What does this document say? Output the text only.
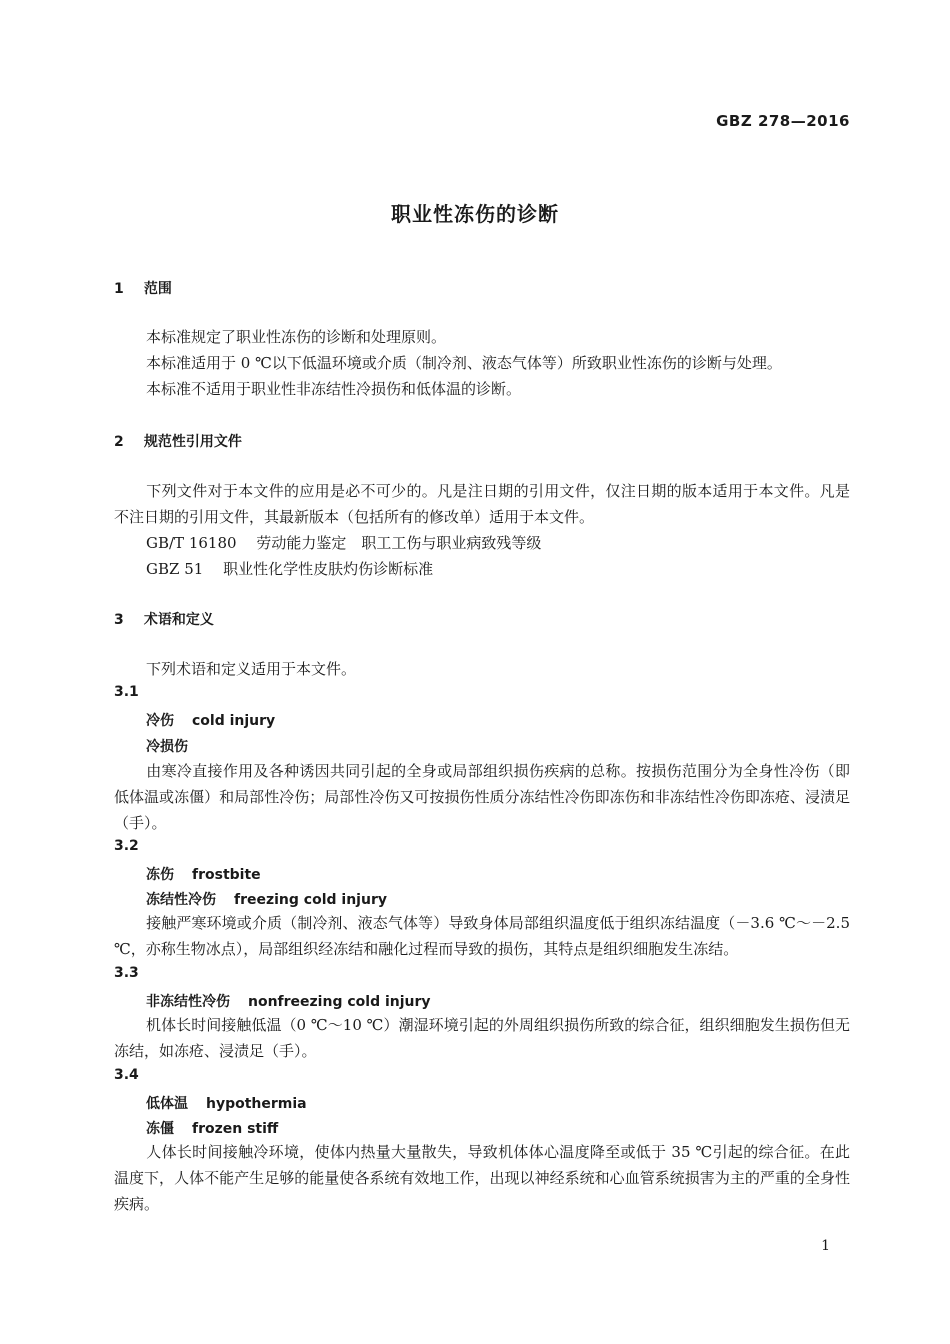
GBZ 278—2016
职业性冻伤的诊断
1 范围
本标准规定了职业性冻伤的诊断和处理原则。
本标准适用于 0 ℃以下低温环境或介质（制冷剂、液态气体等）所致职业性冻伤的诊断与处理。
本标准不适用于职业性非冻结性冷损伤和低体温的诊断。
2 规范性引用文件
下列文件对于本文件的应用是必不可少的。凡是注日期的引用文件，仅注日期的版本适用于本文件。凡是不注日期的引用文件，其最新版本（包括所有的修改单）适用于本文件。
GB/T 16180　 劳动能力鉴定　职工工伤与职业病致残等级
GBZ 51　 职业性化学性皮肤灼伤诊断标准
3 术语和定义
下列术语和定义适用于本文件。
3.1
冷伤 cold injury
冷损伤
由寒冷直接作用及各种诱因共同引起的全身或局部组织损伤疾病的总称。按损伤范围分为全身性冷伤（即低体温或冻僵）和局部性冷伤；局部性冷伤又可按损伤性质分冻结性冷伤即冻伤和非冻结性冷伤即冻疮、浸渍足（手）。
3.2
冻伤 frostbite
冻结性冷伤 freezing cold injury
接触严寒环境或介质（制冷剂、液态气体等）导致身体局部组织温度低于组织冻结温度（－3.6 ℃～－2.5 ℃，亦称生物冰点），局部组织经冻结和融化过程而导致的损伤，其特点是组织细胞发生冻结。
3.3
非冻结性冷伤 nonfreezing cold injury
机体长时间接触低温（0 ℃～10 ℃）潮湿环境引起的外周组织损伤所致的综合征，组织细胞发生损伤但无冻结，如冻疮、浸渍足（手）。
3.4
低体温 hypothermia
冻僵 frozen stiff
人体长时间接触冷环境，使体内热量大量散失，导致机体体心温度降至或低于 35 ℃引起的综合征。在此温度下，人体不能产生足够的能量使各系统有效地工作，出现以神经系统和心血管系统损害为主的严重的全身性疾病。
1
